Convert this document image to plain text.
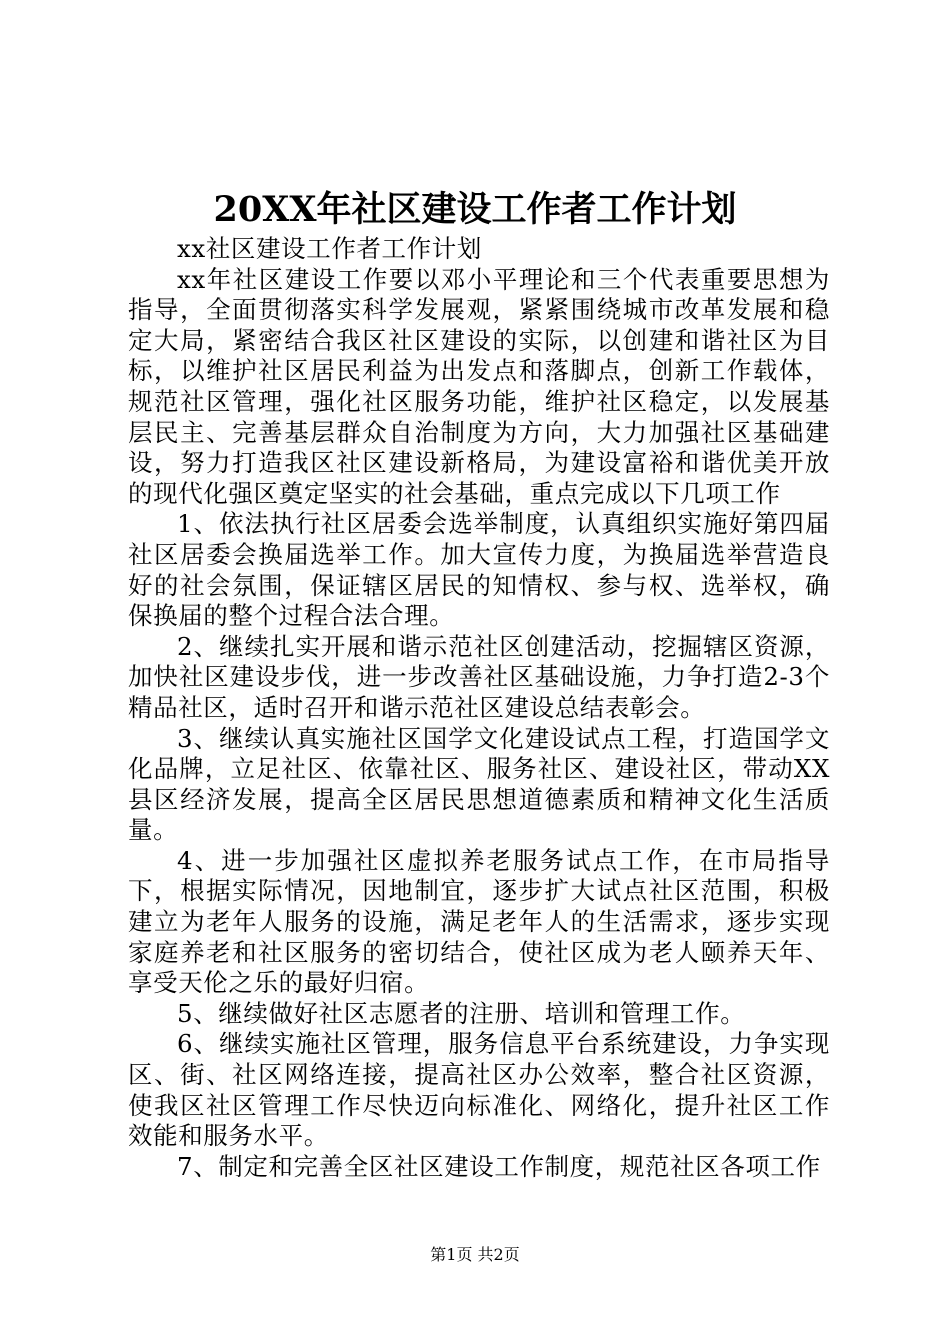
20XX年社区建设工作者工作计划

xx社区建设工作者工作计划

xx年社区建设工作要以邓小平理论和三个代表重要思想为指导，全面贯彻落实科学发展观，紧紧围绕城市改革发展和稳定大局，紧密结合我区社区建设的实际，以创建和谐社区为目标，以维护社区居民利益为出发点和落脚点，创新工作载体，规范社区管理，强化社区服务功能，维护社区稳定，以发展基层民主、完善基层群众自治制度为方向，大力加强社区基础建设，努力打造我区社区建设新格局，为建设富裕和谐优美开放的现代化强区奠定坚实的社会基础，重点完成以下几项工作

1、依法执行社区居委会选举制度，认真组织实施好第四届社区居委会换届选举工作。加大宣传力度，为换届选举营造良好的社会氛围，保证辖区居民的知情权、参与权、选举权，确保换届的整个过程合法合理。

2、继续扎实开展和谐示范社区创建活动，挖掘辖区资源，加快社区建设步伐，进一步改善社区基础设施，力争打造2-3个精品社区，适时召开和谐示范社区建设总结表彰会。

3、继续认真实施社区国学文化建设试点工程，打造国学文化品牌，立足社区、依靠社区、服务社区、建设社区，带动XX县区经济发展，提高全区居民思想道德素质和精神文化生活质量。

4、进一步加强社区虚拟养老服务试点工作，在市局指导下，根据实际情况，因地制宜，逐步扩大试点社区范围，积极建立为老年人服务的设施，满足老年人的生活需求，逐步实现家庭养老和社区服务的密切结合，使社区成为老人颐养天年、享受天伦之乐的最好归宿。

5、继续做好社区志愿者的注册、培训和管理工作。

6、继续实施社区管理，服务信息平台系统建设，力争实现区、街、社区网络连接，提高社区办公效率，整合社区资源，使我区社区管理工作尽快迈向标准化、网络化，提升社区工作效能和服务水平。

7、制定和完善全区社区建设工作制度，规范社区各项工作

第1页 共2页
